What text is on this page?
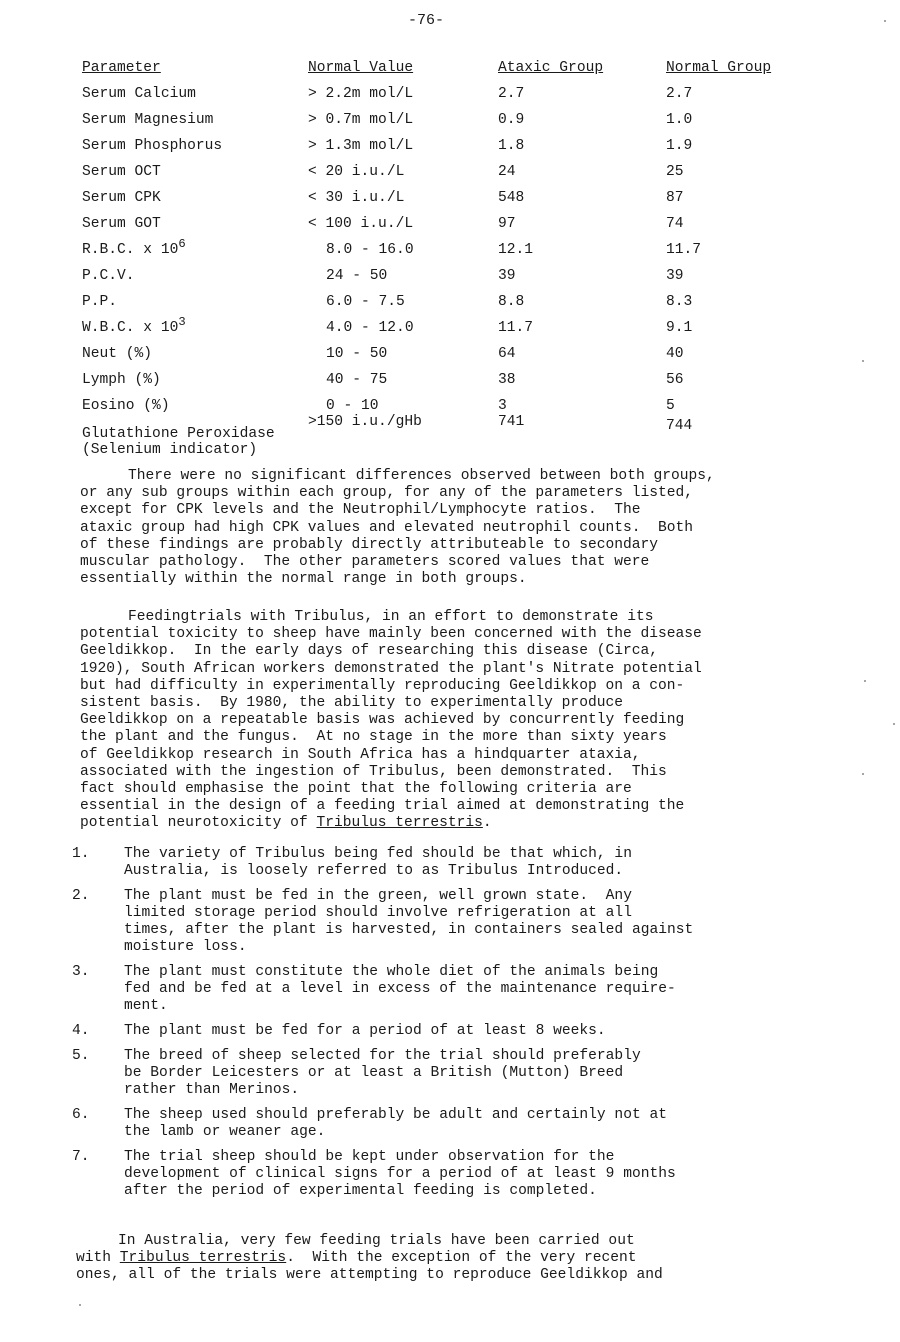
-76-
Parameter	Normal Value	Ataxic Group	Normal Group
Serum Calcium	> 2.2m mol/L	2.7	2.7
Serum Magnesium	> 0.7m mol/L	0.9	1.0
Serum Phosphorus	> 1.3m mol/L	1.8	1.9
Serum OCT	< 20 i.u./L	24	25
Serum CPK	< 30 i.u./L	548	87
Serum GOT	< 100 i.u./L	97	74
R.B.C. x $10^6$	8.0 - 16.0	12.1	11.7
P.C.V.	24 - 50	39	39
P.P.	6.0 - 7.5	8.8	8.3
W.B.C. x $10^3$	4.0 - 12.0	11.7	9.1
Neut (%)	10 - 50	64	40
Lymph (%)	40 - 75	38	56
Eosino (%)	0 - 10	3	5
Glutathione Peroxidase
(Selenium indicator)	>150 i.u./gHb	741	744

There were no significant differences observed between both groups,
or any sub groups within each group, for any of the parameters listed,
except for CPK levels and the Neutrophil/Lymphocyte ratios.  The
ataxic group had high CPK values and elevated neutrophil counts.  Both
of these findings are probably directly attributeable to secondary
muscular pathology.  The other parameters scored values that were
essentially within the normal range in both groups.

Feedingtrials with Tribulus, in an effort to demonstrate its
potential toxicity to sheep have mainly been concerned with the disease
Geeldikkop.  In the early days of researching this disease (Circa,
1920), South African workers demonstrated the plant's Nitrate potential
but had difficulty in experimentally reproducing Geeldikkop on a con-
sistent basis.  By 1980, the ability to experimentally produce
Geeldikkop on a repeatable basis was achieved by concurrently feeding
the plant and the fungus.  At no stage in the more than sixty years
of Geeldikkop research in South Africa has a hindquarter ataxia,
associated with the ingestion of Tribulus, been demonstrated.  This
fact should emphasise the point that the following criteria are
essential in the design of a feeding trial aimed at demonstrating the
potential neurotoxicity of Tribulus terrestris.

1. The variety of Tribulus being fed should be that which, in
Australia, is loosely referred to as Tribulus Introduced.
2. The plant must be fed in the green, well grown state.  Any
limited storage period should involve refrigeration at all
times, after the plant is harvested, in containers sealed against
moisture loss.
3. The plant must constitute the whole diet of the animals being
fed and be fed at a level in excess of the maintenance require-
ment.
4. The plant must be fed for a period of at least 8 weeks.
5. The breed of sheep selected for the trial should preferably
be Border Leicesters or at least a British (Mutton) Breed
rather than Merinos.
6. The sheep used should preferably be adult and certainly not at
the lamb or weaner age.
7. The trial sheep should be kept under observation for the
development of clinical signs for a period of at least 9 months
after the period of experimental feeding is completed.

In Australia, very few feeding trials have been carried out
with Tribulus terrestris.  With the exception of the very recent
ones, all of the trials were attempting to reproduce Geeldikkop and
